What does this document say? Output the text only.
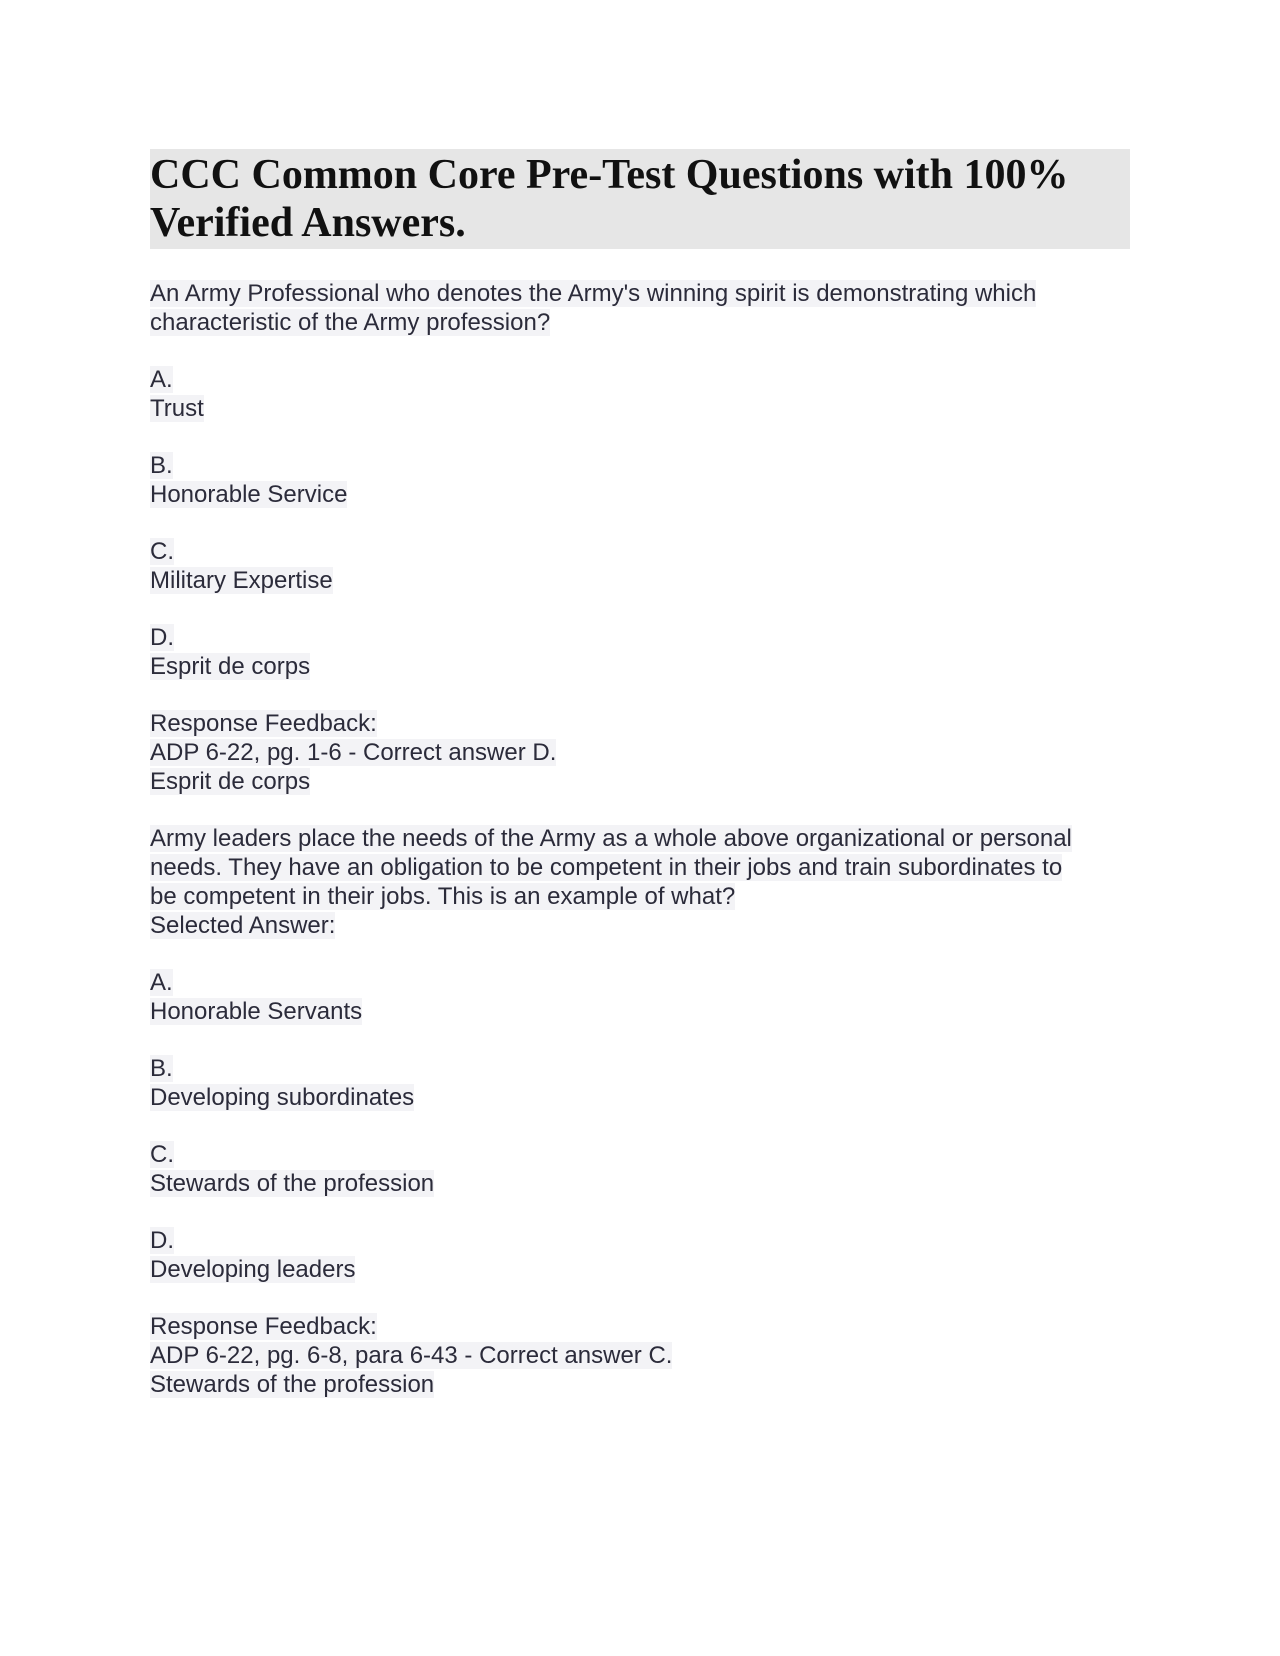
CCC Common Core Pre-Test Questions with 100% Verified Answers.
An Army Professional who denotes the Army's winning spirit is demonstrating which
characteristic of the Army profession?
A.
Trust
B.
Honorable Service
C.
Military Expertise
D.
Esprit de corps
Response Feedback:
ADP 6-22, pg. 1-6 - Correct answer D.
Esprit de corps
Army leaders place the needs of the Army as a whole above organizational or personal
needs. They have an obligation to be competent in their jobs and train subordinates to
be competent in their jobs. This is an example of what?
Selected Answer:
A.
Honorable Servants
B.
Developing subordinates
C.
Stewards of the profession
D.
Developing leaders
Response Feedback:
ADP 6-22, pg. 6-8, para 6-43 - Correct answer C.
Stewards of the profession
